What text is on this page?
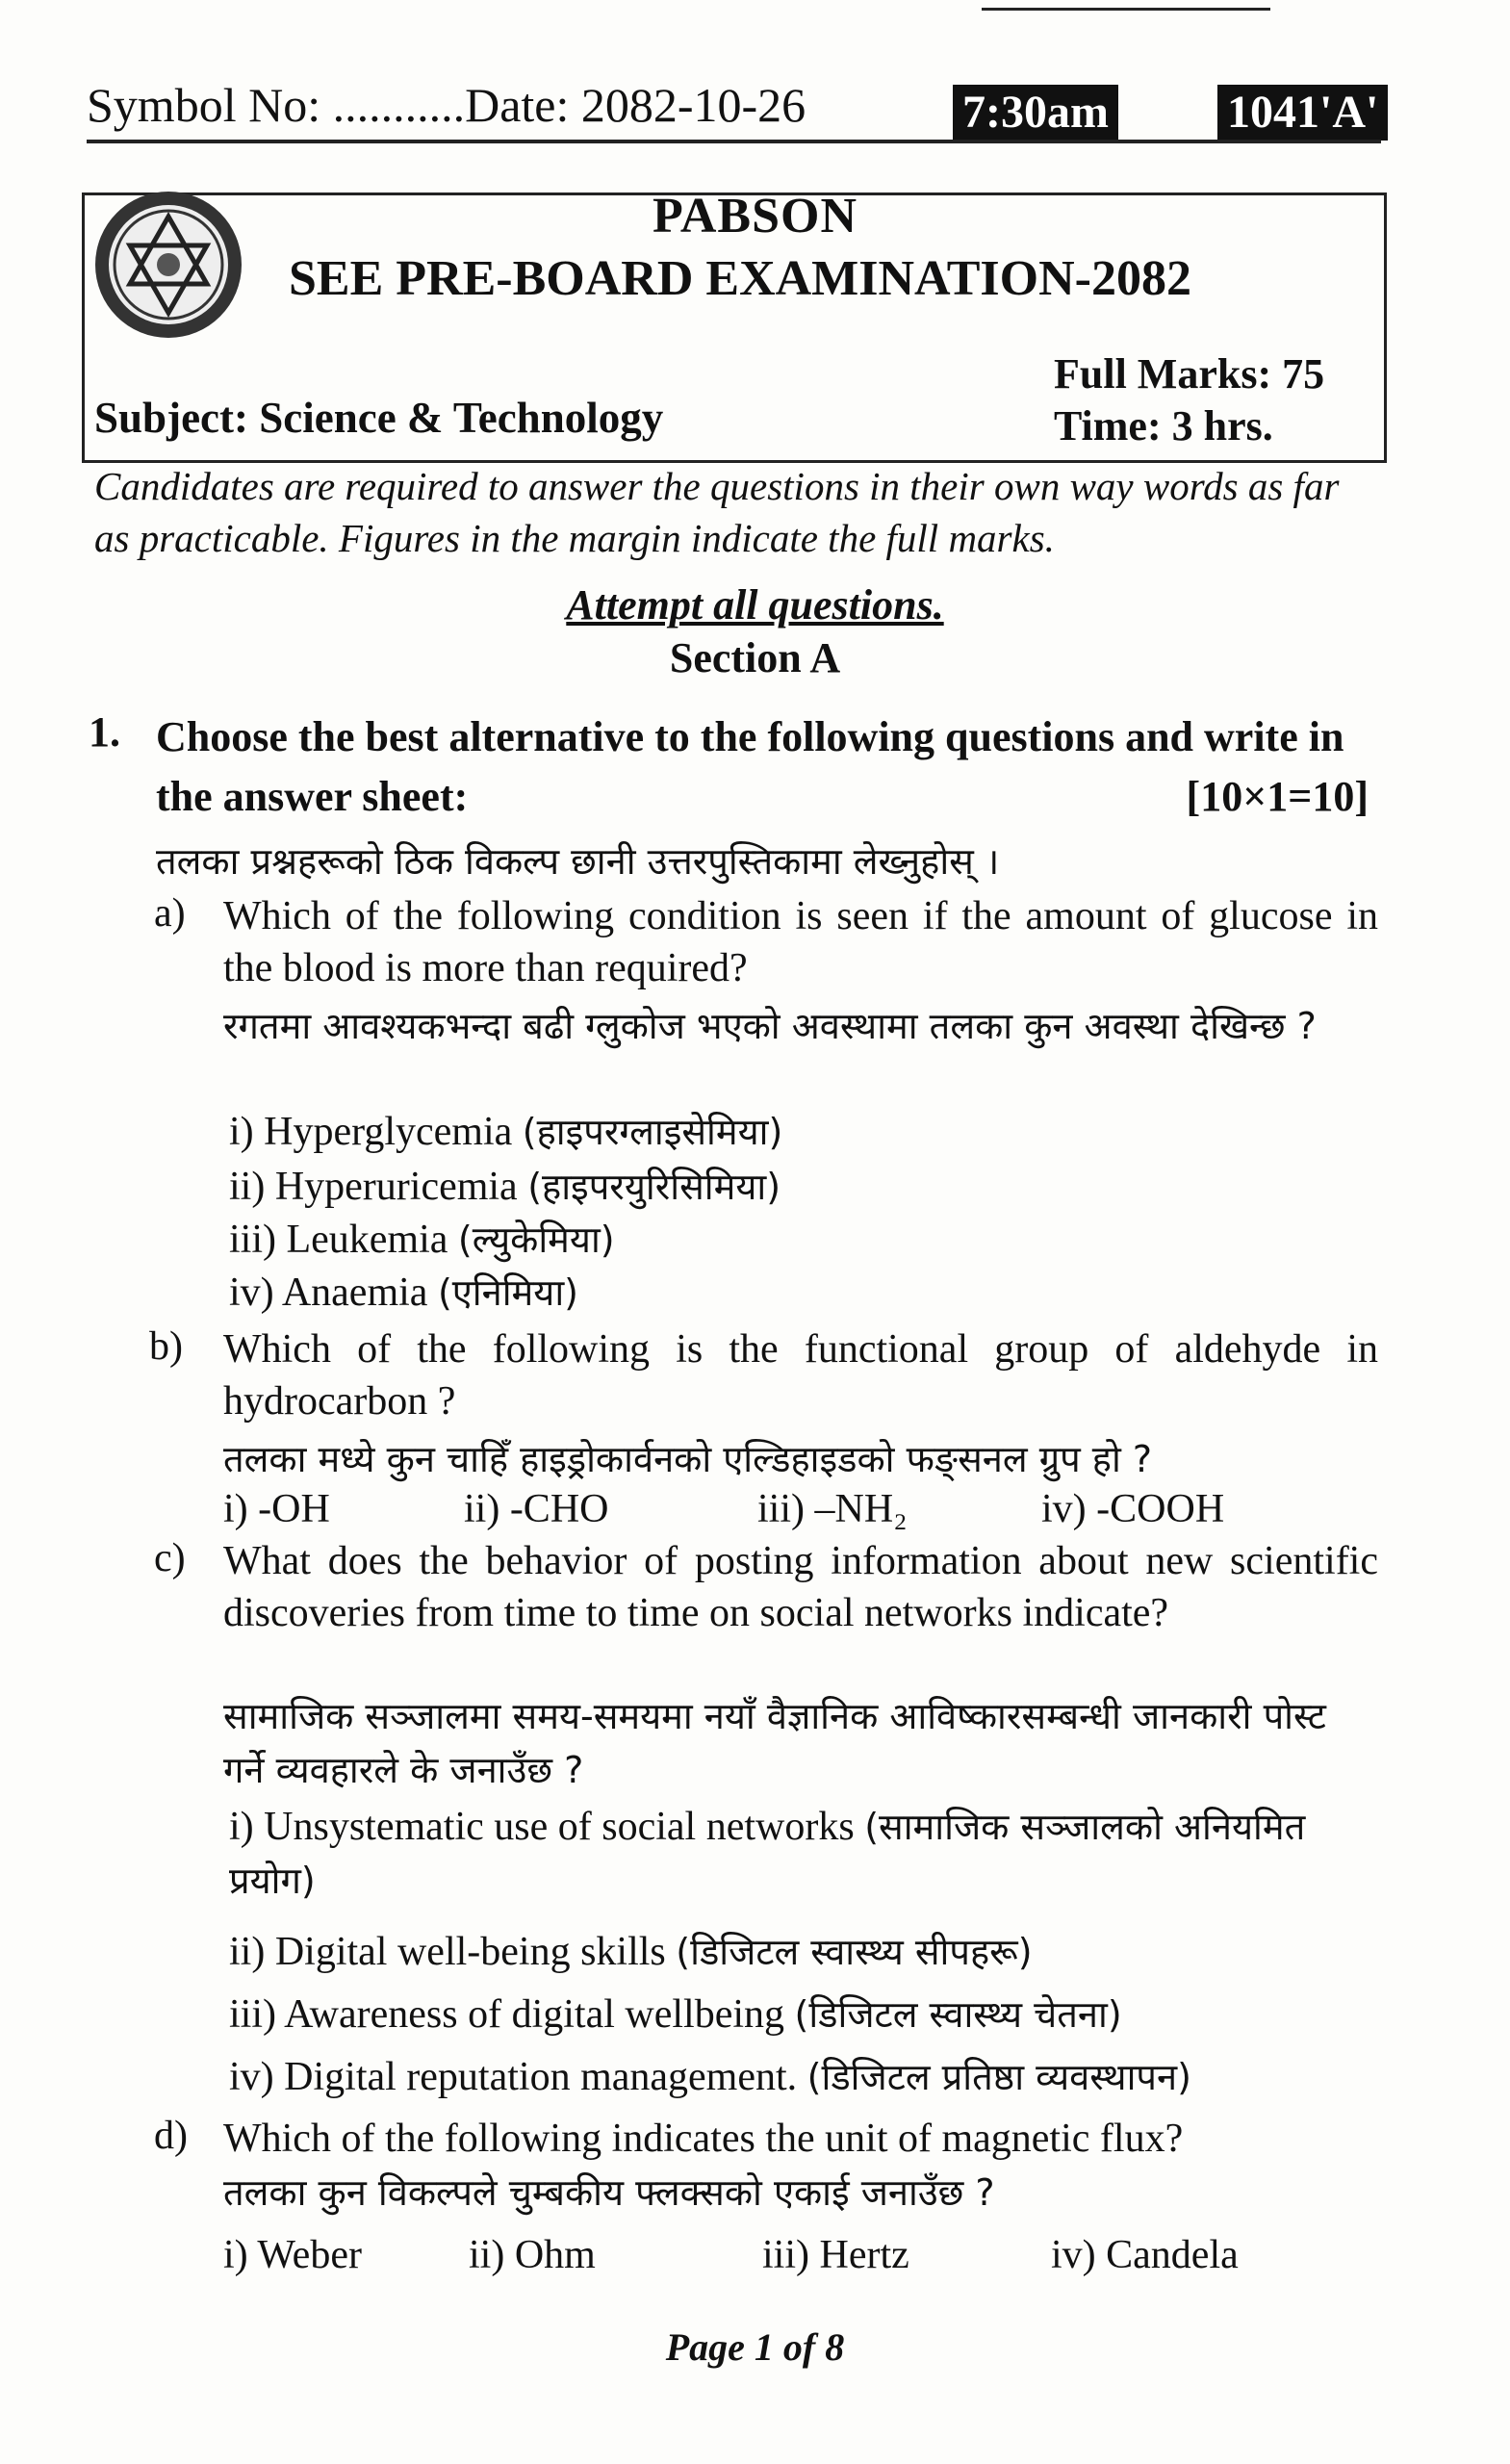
Symbol No: ...........Date: 2082-10-26	7:30am	1041'A'
PABSON
SEE PRE-BOARD EXAMINATION-2082
Full Marks: 75
Time: 3 hrs.
Subject: Science & Technology
Candidates are required to answer the questions in their own way words as far as practicable. Figures in the margin indicate the full marks.
Attempt all questions.
Section A
1. Choose the best alternative to the following questions and write in the answer sheet:	[10×1=10]
तलका प्रश्नहरूको ठिक विकल्प छानी उत्तरपुस्तिकामा लेख्नुहोस् ।
a) Which of the following condition is seen if the amount of glucose in the blood is more than required?
रगतमा आवश्यकभन्दा बढी ग्लुकोज भएको अवस्थामा तलका कुन अवस्था देखिन्छ ?
i) Hyperglycemia (हाइपरग्लाइसेमिया)
ii) Hyperuricemia (हाइपरयुरिसिमिया)
iii) Leukemia (ल्युकेमिया)
iv) Anaemia (एनिमिया)
b) Which of the following is the functional group of aldehyde in hydrocarbon ?
तलका मध्ये कुन चाहिँ हाइड्रोकार्वनको एल्डिहाइडको फङ्सनल ग्रुप हो ?
i) -OH	ii) -CHO	iii) –NH₂	iv) -COOH
c) What does the behavior of posting information about new scientific discoveries from time to time on social networks indicate?
सामाजिक सञ्जालमा समय-समयमा नयाँ वैज्ञानिक आविष्कारसम्बन्धी जानकारी पोस्ट गर्ने व्यवहारले के जनाउँछ ?
i) Unsystematic use of social networks (सामाजिक सञ्जालको अनियमित प्रयोग)
ii) Digital well-being skills (डिजिटल स्वास्थ्य सीपहरू)
iii) Awareness of digital wellbeing (डिजिटल स्वास्थ्य चेतना)
iv) Digital reputation management. (डिजिटल प्रतिष्ठा व्यवस्थापन)
d) Which of the following indicates the unit of magnetic flux?
तलका कुन विकल्पले चुम्बकीय फ्लक्सको एकाई जनाउँछ ?
i) Weber	ii) Ohm	iii) Hertz	iv) Candela
Page 1 of 8
